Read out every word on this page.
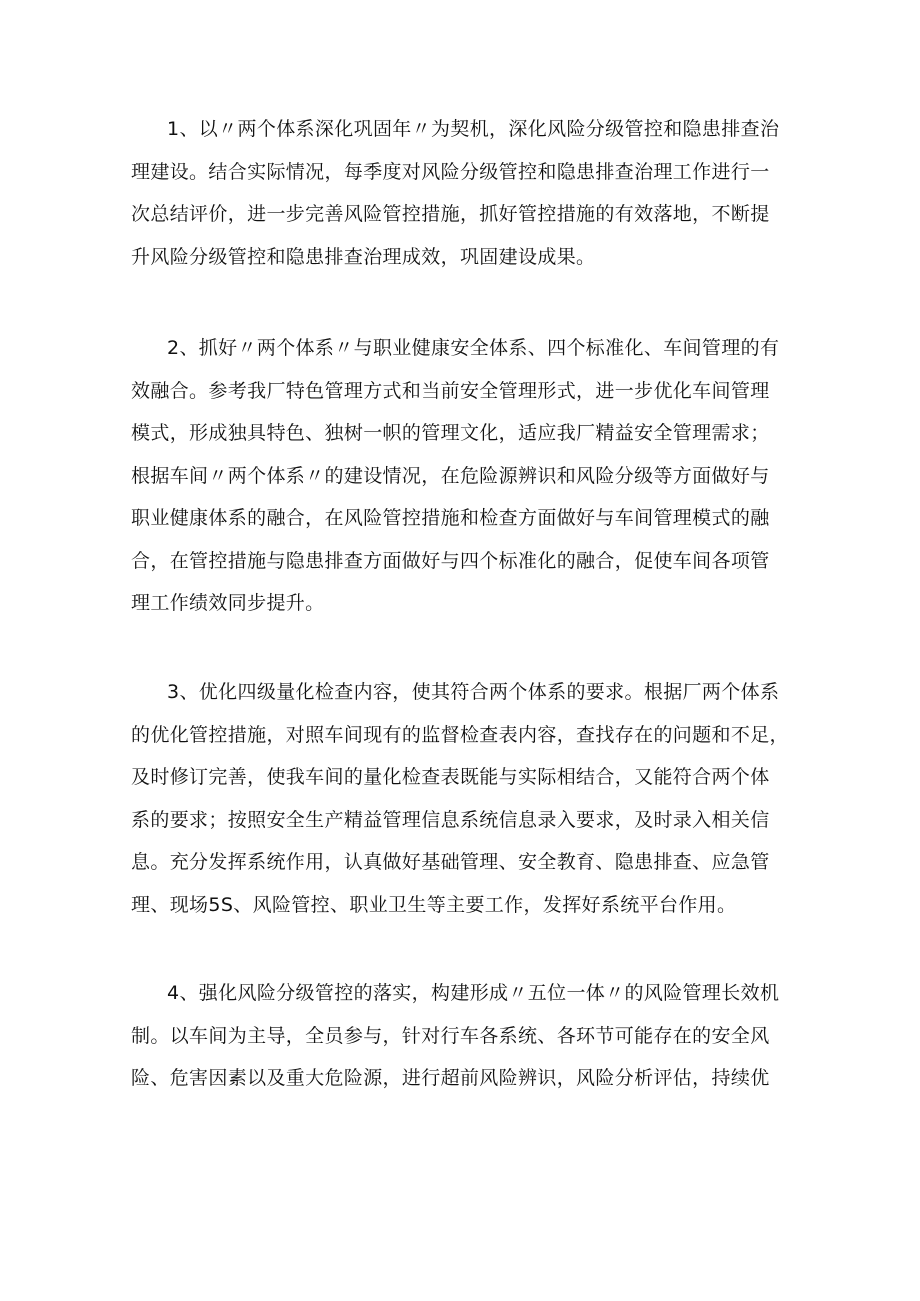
1、以〃两个体系深化巩固年〃为契机，深化风险分级管控和隐患排查治
理建设。结合实际情况，每季度对风险分级管控和隐患排查治理工作进行一
次总结评价，进一步完善风险管控措施，抓好管控措施的有效落地，不断提
升风险分级管控和隐患排查治理成效，巩固建设成果。

2、抓好〃两个体系〃与职业健康安全体系、四个标准化、车间管理的有
效融合。参考我厂特色管理方式和当前安全管理形式，进一步优化车间管理
模式，形成独具特色、独树一帜的管理文化，适应我厂精益安全管理需求；
根据车间〃两个体系〃的建设情况，在危险源辨识和风险分级等方面做好与
职业健康体系的融合，在风险管控措施和检查方面做好与车间管理模式的融
合，在管控措施与隐患排查方面做好与四个标准化的融合，促使车间各项管
理工作绩效同步提升。

3、优化四级量化检查内容，使其符合两个体系的要求。根据厂两个体系
的优化管控措施，对照车间现有的监督检查表内容，查找存在的问题和不足，
及时修订完善，使我车间的量化检查表既能与实际相结合，又能符合两个体
系的要求；按照安全生产精益管理信息系统信息录入要求，及时录入相关信
息。充分发挥系统作用，认真做好基础管理、安全教育、隐患排查、应急管
理、现场5S、风险管控、职业卫生等主要工作，发挥好系统平台作用。

4、强化风险分级管控的落实，构建形成〃五位一体〃的风险管理长效机
制。以车间为主导，全员参与，针对行车各系统、各环节可能存在的安全风
险、危害因素以及重大危险源，进行超前风险辨识，风险分析评估，持续优
